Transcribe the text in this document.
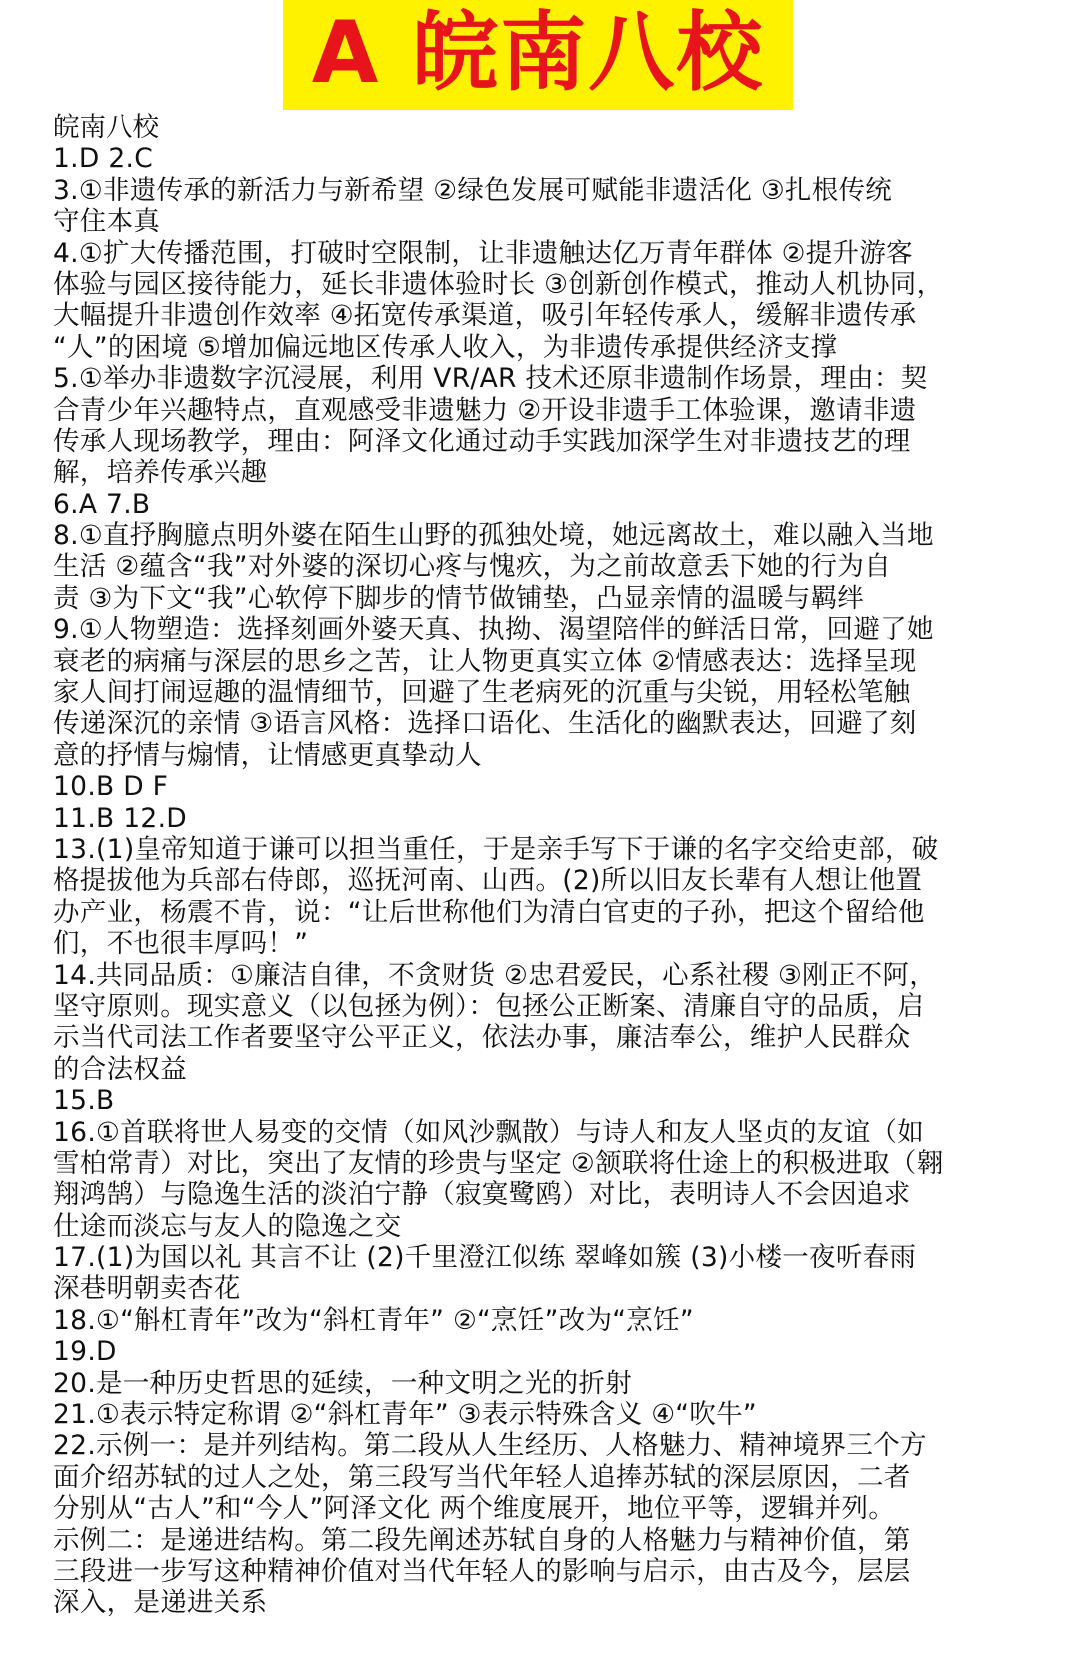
A 皖南八校
皖南八校
1.D 2.C
3.①非遗传承的新活力与新希望 ②绿色发展可赋能非遗活化 ③扎根传统
守住本真
4.①扩大传播范围，打破时空限制，让非遗触达亿万青年群体 ②提升游客
体验与园区接待能力，延长非遗体验时长 ③创新创作模式，推动人机协同，
大幅提升非遗创作效率 ④拓宽传承渠道，吸引年轻传承人，缓解非遗传承
“人”的困境 ⑤增加偏远地区传承人收入，为非遗传承提供经济支撑
5.①举办非遗数字沉浸展，利用 VR/AR 技术还原非遗制作场景，理由：契
合青少年兴趣特点，直观感受非遗魅力 ②开设非遗手工体验课，邀请非遗
传承人现场教学，理由：阿泽文化通过动手实践加深学生对非遗技艺的理
解，培养传承兴趣
6.A 7.B
8.①直抒胸臆点明外婆在陌生山野的孤独处境，她远离故土，难以融入当地
生活 ②蕴含“我”对外婆的深切心疼与愧疚，为之前故意丢下她的行为自
责 ③为下文“我”心软停下脚步的情节做铺垫，凸显亲情的温暖与羁绊
9.①人物塑造：选择刻画外婆天真、执拗、渴望陪伴的鲜活日常，回避了她
衰老的病痛与深层的思乡之苦，让人物更真实立体 ②情感表达：选择呈现
家人间打闹逗趣的温情细节，回避了生老病死的沉重与尖锐，用轻松笔触
传递深沉的亲情 ③语言风格：选择口语化、生活化的幽默表达，回避了刻
意的抒情与煽情，让情感更真挚动人
10.B D F
11.B 12.D
13.(1)皇帝知道于谦可以担当重任，于是亲手写下于谦的名字交给吏部，破
格提拔他为兵部右侍郎，巡抚河南、山西。(2)所以旧友长辈有人想让他置
办产业，杨震不肯，说：“让后世称他们为清白官吏的子孙，把这个留给他
们，不也很丰厚吗！”
14.共同品质：①廉洁自律，不贪财货 ②忠君爱民，心系社稷 ③刚正不阿，
坚守原则。现实意义（以包拯为例）：包拯公正断案、清廉自守的品质，启
示当代司法工作者要坚守公平正义，依法办事，廉洁奉公，维护人民群众
的合法权益
15.B
16.①首联将世人易变的交情（如风沙飘散）与诗人和友人坚贞的友谊（如
雪柏常青）对比，突出了友情的珍贵与坚定 ②颔联将仕途上的积极进取（翱
翔鸿鹄）与隐逸生活的淡泊宁静（寂寞鹭鸥）对比，表明诗人不会因追求
仕途而淡忘与友人的隐逸之交
17.(1)为国以礼 其言不让 (2)千里澄江似练 翠峰如簇 (3)小楼一夜听春雨
深巷明朝卖杏花
18.①“斛杠青年”改为“斜杠青年” ②“烹饪”改为“烹饪”
19.D
20.是一种历史哲思的延续，一种文明之光的折射
21.①表示特定称谓 ②“斜杠青年” ③表示特殊含义 ④“吹牛”
22.示例一：是并列结构。第二段从人生经历、人格魅力、精神境界三个方
面介绍苏轼的过人之处，第三段写当代年轻人追捧苏轼的深层原因，二者
分别从“古人”和“今人”阿泽文化 两个维度展开，地位平等，逻辑并列。
示例二：是递进结构。第二段先阐述苏轼自身的人格魅力与精神价值，第
三段进一步写这种精神价值对当代年轻人的影响与启示，由古及今，层层
深入，是递进关系
